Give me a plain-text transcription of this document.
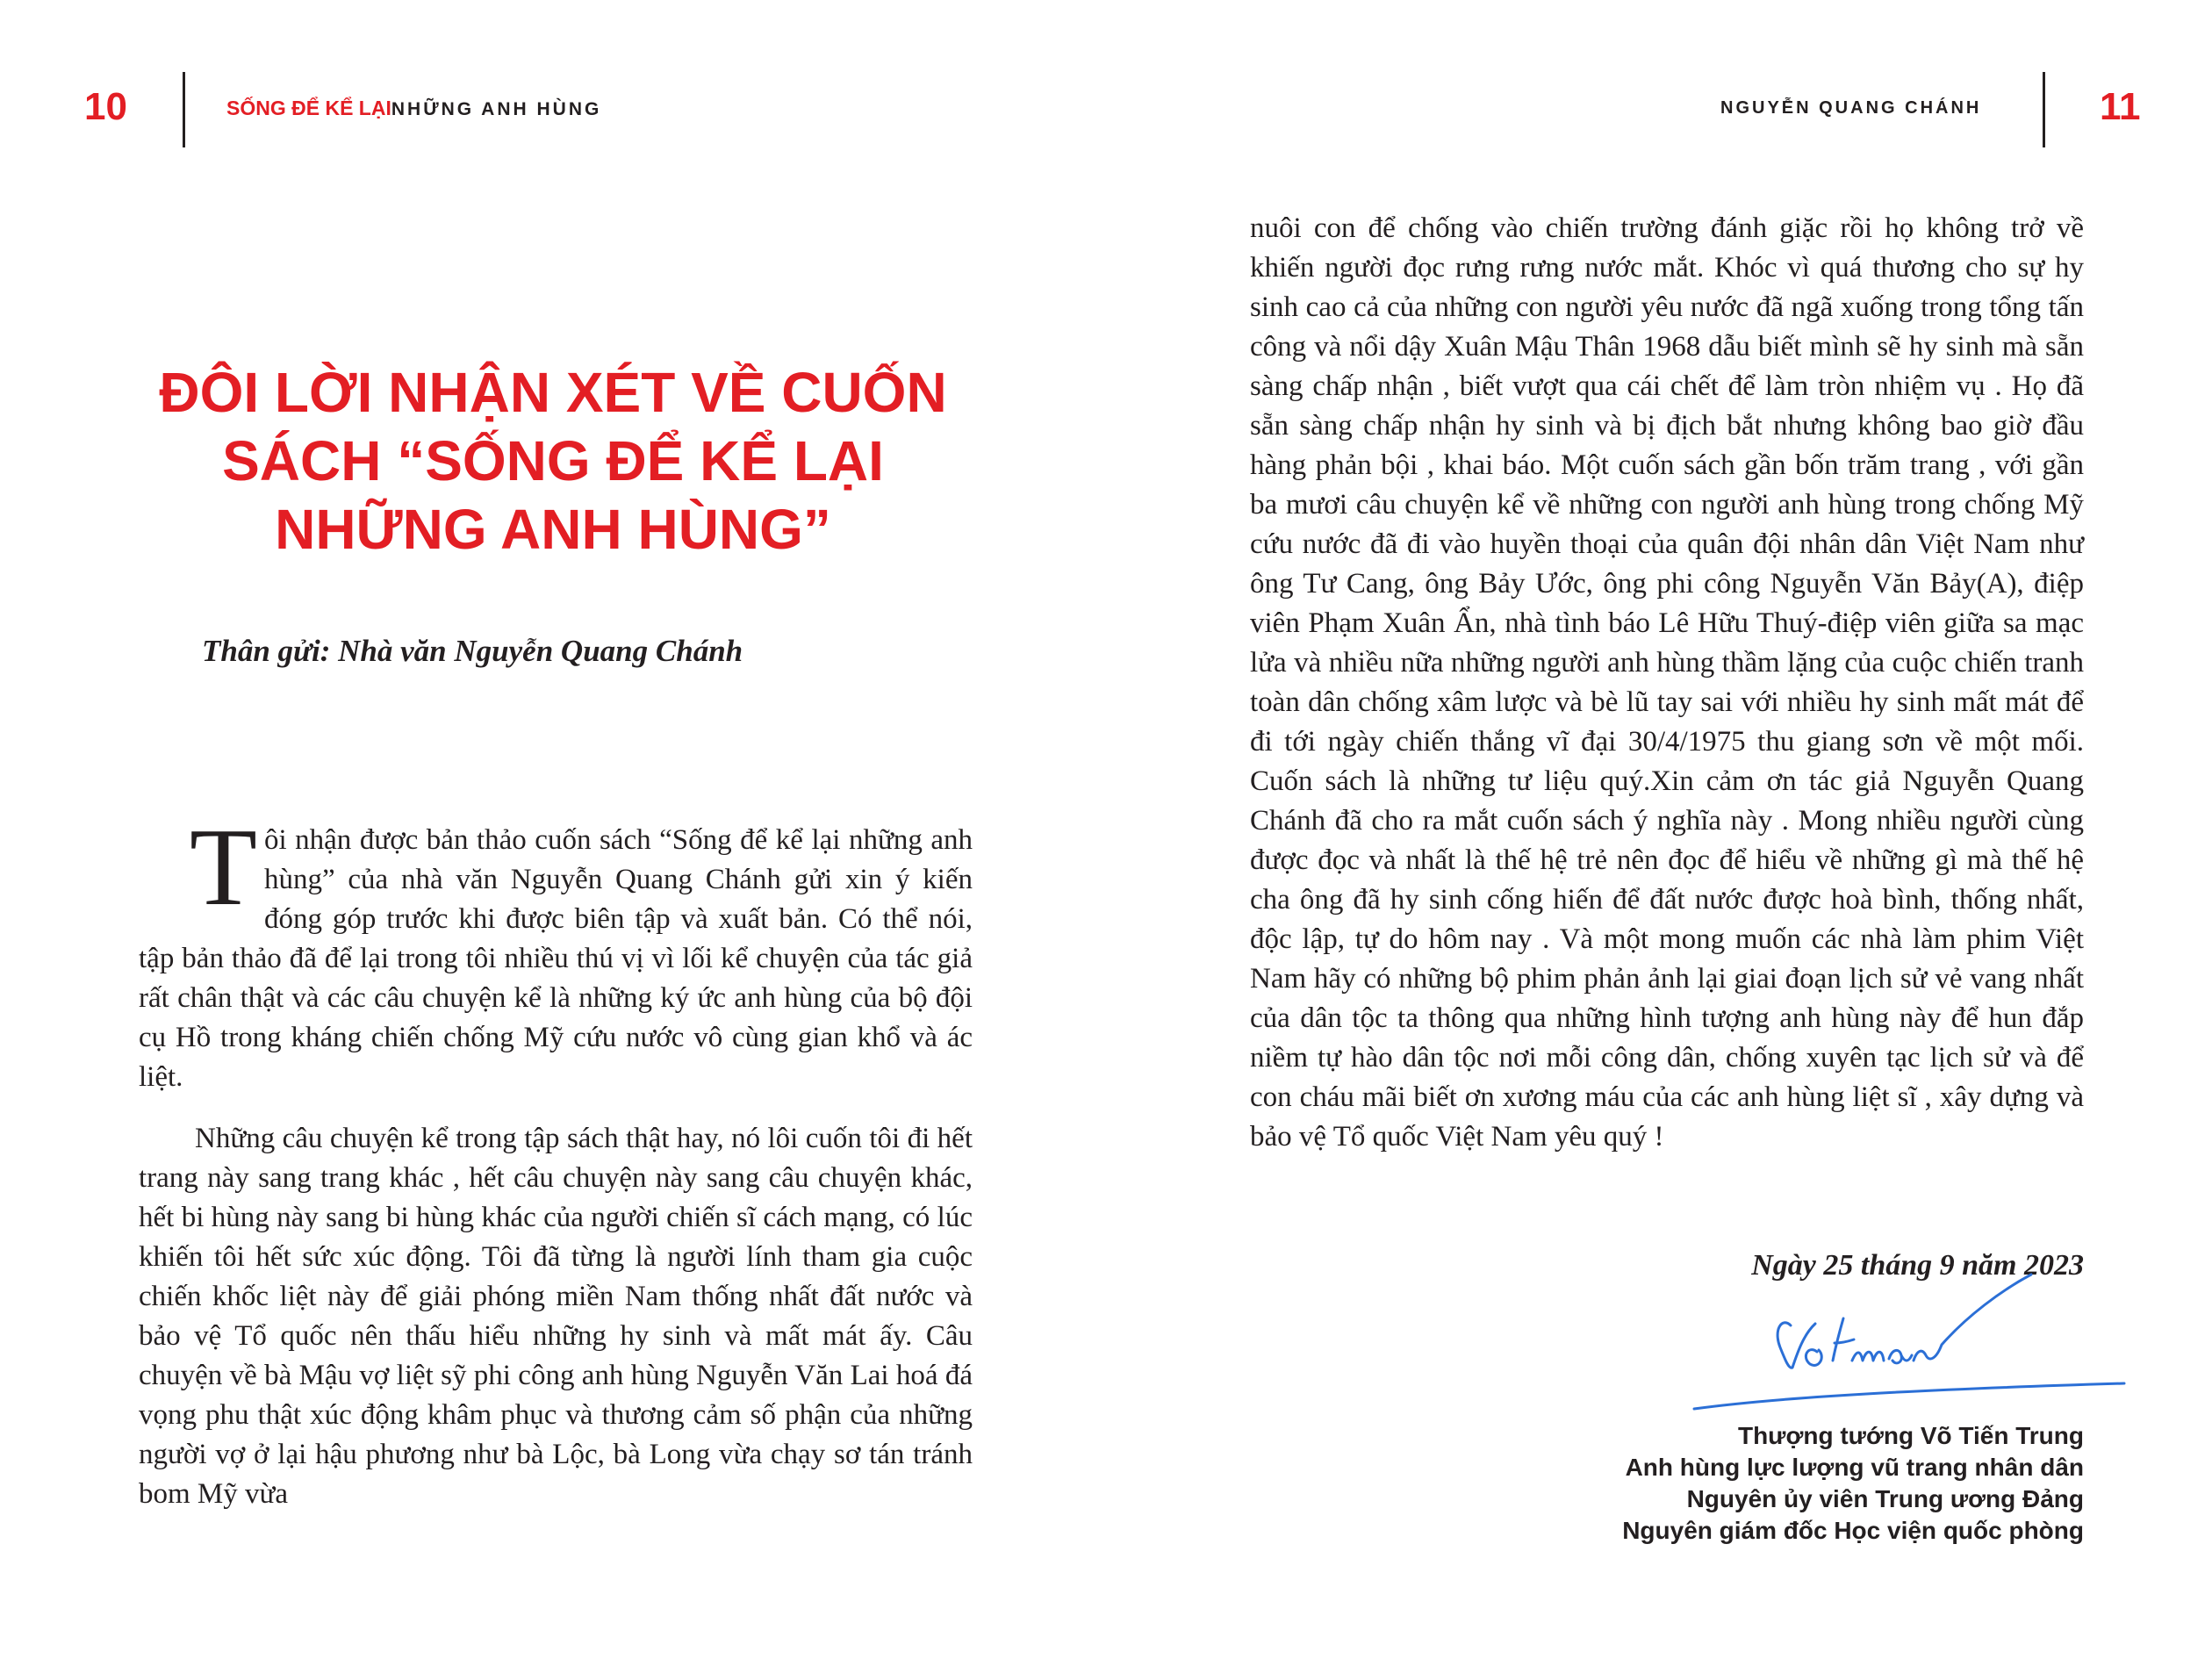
10	SỐNG ĐỂ KỂ LẠINHỮNG ANH HÙNG
ĐÔI LỜI NHẬN XÉT VỀ CUỐN SÁCH “SỐNG ĐỂ KỂ LẠI NHỮNG ANH HÙNG”
Thân gửi: Nhà văn Nguyễn Quang Chánh

Tôi nhận được bản thảo cuốn sách “Sống để kể lại những anh hùng” của nhà văn Nguyễn Quang Chánh gửi xin ý kiến đóng góp trước khi được biên tập và xuất bản. Có thể nói, tập bản thảo đã để lại trong tôi nhiều thú vị vì lối kể chuyện của tác giả rất chân thật và các câu chuyện kể là những ký ức anh hùng của bộ đội cụ Hồ trong kháng chiến chống Mỹ cứu nước vô cùng gian khổ và ác liệt.

Những câu chuyện kể trong tập sách thật hay, nó lôi cuốn tôi đi hết trang này sang trang khác , hết câu chuyện này sang câu chuyện khác, hết bi hùng này sang bi hùng khác của người chiến sĩ cách mạng, có lúc khiến tôi hết sức xúc động. Tôi đã từng là người lính tham gia cuộc chiến khốc liệt này để giải phóng miền Nam thống nhất đất nước và bảo vệ Tổ quốc nên thấu hiểu những hy sinh và mất mát ấy. Câu chuyện về bà Mậu vợ liệt sỹ phi công anh hùng Nguyễn Văn Lai hoá đá vọng phu thật xúc động khâm phục và thương cảm số phận của những người vợ ở lại hậu phương như bà Lộc, bà Long vừa chạy sơ tán tránh bom Mỹ vừa

NGUYỄN QUANG CHÁNH	11

nuôi con để chống vào chiến trường đánh giặc rồi họ không trở về khiến người đọc rưng rưng nước mắt. Khóc vì quá thương cho sự hy sinh cao cả của những con người yêu nước đã ngã xuống trong tổng tấn công và nổi dậy Xuân Mậu Thân 1968 dẫu biết mình sẽ hy sinh mà sẵn sàng chấp nhận , biết vượt qua cái chết để làm tròn nhiệm vụ . Họ đã sẵn sàng chấp nhận hy sinh và bị địch bắt nhưng không bao giờ đầu hàng phản bội , khai báo. Một cuốn sách gần bốn trăm trang , với gần ba mươi câu chuyện kể về những con người anh hùng trong chống Mỹ cứu nước đã đi vào huyền thoại của quân đội nhân dân Việt Nam như ông Tư Cang, ông Bảy Ước, ông phi công Nguyễn Văn Bảy(A), điệp viên Phạm Xuân Ẩn, nhà tình báo Lê Hữu Thuý-điệp viên giữa sa mạc lửa và nhiều nữa những người anh hùng thầm lặng của cuộc chiến tranh toàn dân chống xâm lược và bè lũ tay sai với nhiều hy sinh mất mát để đi tới ngày chiến thắng vĩ đại 30/4/1975 thu giang sơn về một mối. Cuốn sách là những tư liệu quý.Xin cảm ơn tác giả Nguyễn Quang Chánh đã cho ra mắt cuốn sách ý nghĩa này . Mong nhiều người cùng được đọc và nhất là thế hệ trẻ nên đọc để hiểu về những gì mà thế hệ cha ông đã hy sinh cống hiến để đất nước được hoà bình, thống nhất, độc lập, tự do hôm nay . Và một mong muốn các nhà làm phim Việt Nam hãy có những bộ phim phản ảnh lại giai đoạn lịch sử vẻ vang nhất của dân tộc ta thông qua những hình tượng anh hùng này để hun đắp niềm tự hào dân tộc nơi mỗi công dân, chống xuyên tạc lịch sử và để con cháu mãi biết ơn xương máu của các anh hùng liệt sĩ , xây dựng và bảo vệ Tổ quốc Việt Nam yêu quý !

Ngày 25 tháng 9 năm 2023
Thượng tướng Võ Tiến Trung
Anh hùng lực lượng vũ trang nhân dân
Nguyên ủy viên Trung ương Đảng
Nguyên giám đốc Học viện quốc phòng
